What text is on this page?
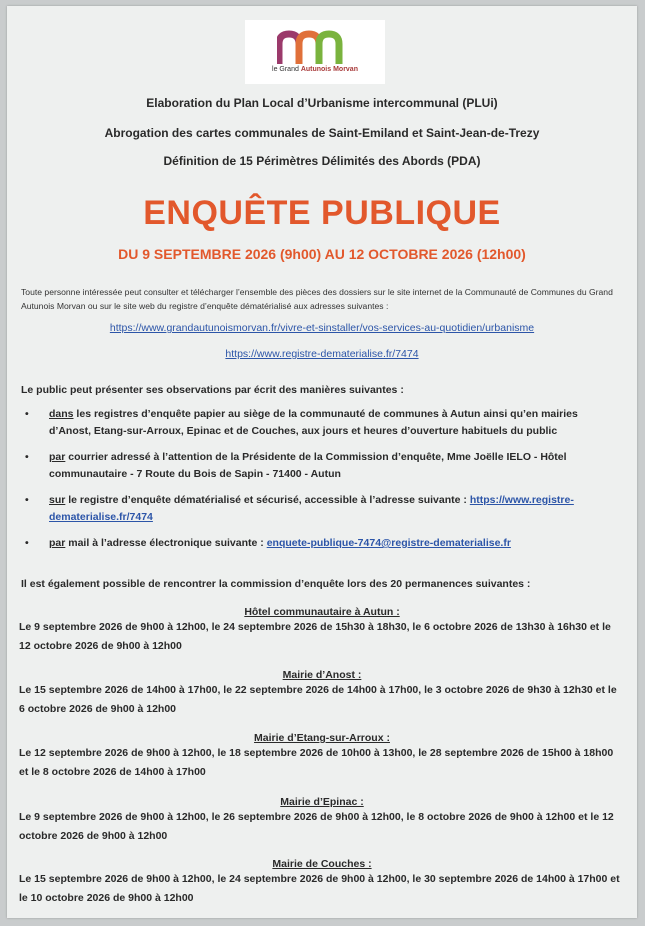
le Grand Autunois Morvan
Elaboration du Plan Local d’Urbanisme intercommunal (PLUi)
Abrogation des cartes communales de Saint-Emiland et Saint-Jean-de-Trezy
Définition de 15 Périmètres Délimités des Abords (PDA)
ENQUÊTE PUBLIQUE
DU 9 SEPTEMBRE 2026 (9h00) AU 12 OCTOBRE 2026 (12h00)
Toute personne intéressée peut consulter et télécharger l’ensemble des pièces des dossiers sur le site internet de la Communauté de Communes du Grand Autunois Morvan ou sur le site web du registre d’enquête dématérialisé aux adresses suivantes :
https://www.grandautunoismorvan.fr/vivre-et-sinstaller/vos-services-au-quotidien/urbanisme
https://www.registre-dematerialise.fr/7474
Le public peut présenter ses observations par écrit des manières suivantes :
• dans les registres d’enquête papier au siège de la communauté de communes à Autun ainsi qu’en mairies d’Anost, Etang-sur-Arroux, Epinac et de Couches, aux jours et heures d’ouverture habituels du public
• par courrier adressé à l’attention de la Présidente de la Commission d’enquête, Mme Joëlle IELO - Hôtel communautaire - 7 Route du Bois de Sapin - 71400 - Autun
• sur le registre d’enquête dématérialisé et sécurisé, accessible à l’adresse suivante : https://www.registre-dematerialise.fr/7474
• par mail à l’adresse électronique suivante : enquete-publique-7474@registre-dematerialise.fr
Il est également possible de rencontrer la commission d’enquête lors des 20 permanences suivantes :
Hôtel communautaire à Autun :
Le 9 septembre 2026 de 9h00 à 12h00, le 24 septembre 2026 de 15h30 à 18h30, le 6 octobre 2026 de 13h30 à 16h30 et le 12 octobre 2026 de 9h00 à 12h00
Mairie d’Anost :
Le 15 septembre 2026 de 14h00 à 17h00, le 22 septembre 2026 de 14h00 à 17h00, le 3 octobre 2026 de 9h30 à 12h30 et le 6 octobre 2026 de 9h00 à 12h00
Mairie d’Etang-sur-Arroux :
Le 12 septembre 2026 de 9h00 à 12h00, le 18 septembre 2026 de 10h00 à 13h00, le 28 septembre 2026 de 15h00 à 18h00 et le 8 octobre 2026 de 14h00 à 17h00
Mairie d’Epinac :
Le 9 septembre 2026 de 9h00 à 12h00, le 26 septembre 2026 de 9h00 à 12h00, le 8 octobre 2026 de 9h00 à 12h00 et le 12 octobre 2026 de 9h00 à 12h00
Mairie de Couches :
Le 15 septembre 2026 de 9h00 à 12h00, le 24 septembre 2026 de 9h00 à 12h00, le 30 septembre 2026 de 14h00 à 17h00 et le 10 octobre 2026 de 9h00 à 12h00
